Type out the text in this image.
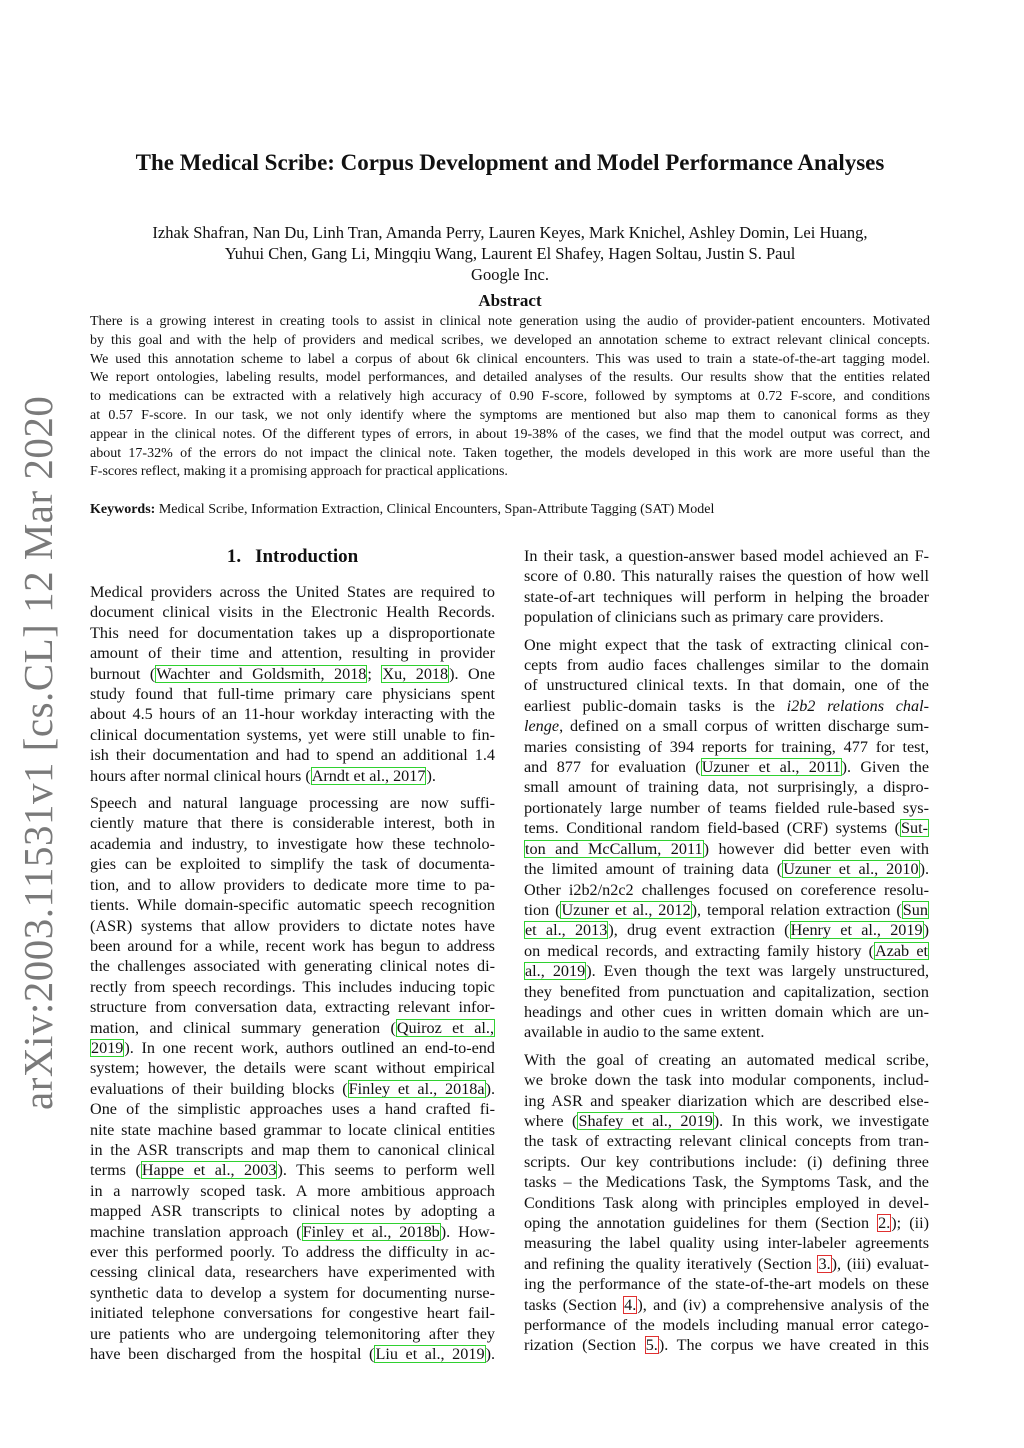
arXiv:2003.11531v1 [cs.CL] 12 Mar 2020
The Medical Scribe: Corpus Development and Model Performance Analyses
Izhak Shafran, Nan Du, Linh Tran, Amanda Perry, Lauren Keyes, Mark Knichel, Ashley Domin, Lei Huang,
Yuhui Chen, Gang Li, Mingqiu Wang, Laurent El Shafey, Hagen Soltau, Justin S. Paul
Google Inc.
Abstract
There is a growing interest in creating tools to assist in clinical note generation using the audio of provider-patient encounters. Motivated
by this goal and with the help of providers and medical scribes, we developed an annotation scheme to extract relevant clinical concepts.
We used this annotation scheme to label a corpus of about 6k clinical encounters. This was used to train a state-of-the-art tagging model.
We report ontologies, labeling results, model performances, and detailed analyses of the results. Our results show that the entities related
to medications can be extracted with a relatively high accuracy of 0.90 F-score, followed by symptoms at 0.72 F-score, and conditions
at 0.57 F-score. In our task, we not only identify where the symptoms are mentioned but also map them to canonical forms as they
appear in the clinical notes. Of the different types of errors, in about 19-38% of the cases, we find that the model output was correct, and
about 17-32% of the errors do not impact the clinical note. Taken together, the models developed in this work are more useful than the
F-scores reflect, making it a promising approach for practical applications.
Keywords: Medical Scribe, Information Extraction, Clinical Encounters, Span-Attribute Tagging (SAT) Model
1. Introduction
Medical providers across the United States are required to
document clinical visits in the Electronic Health Records.
This need for documentation takes up a disproportionate
amount of their time and attention, resulting in provider
burnout (Wachter and Goldsmith, 2018; Xu, 2018). One
study found that full-time primary care physicians spent
about 4.5 hours of an 11-hour workday interacting with the
clinical documentation systems, yet were still unable to fin-
ish their documentation and had to spend an additional 1.4
hours after normal clinical hours (Arndt et al., 2017).
Speech and natural language processing are now suffi-
ciently mature that there is considerable interest, both in
academia and industry, to investigate how these technolo-
gies can be exploited to simplify the task of documenta-
tion, and to allow providers to dedicate more time to pa-
tients. While domain-specific automatic speech recognition
(ASR) systems that allow providers to dictate notes have
been around for a while, recent work has begun to address
the challenges associated with generating clinical notes di-
rectly from speech recordings. This includes inducing topic
structure from conversation data, extracting relevant infor-
mation, and clinical summary generation (Quiroz et al.,
2019). In one recent work, authors outlined an end-to-end
system; however, the details were scant without empirical
evaluations of their building blocks (Finley et al., 2018a).
One of the simplistic approaches uses a hand crafted fi-
nite state machine based grammar to locate clinical entities
in the ASR transcripts and map them to canonical clinical
terms (Happe et al., 2003). This seems to perform well
in a narrowly scoped task. A more ambitious approach
mapped ASR transcripts to clinical notes by adopting a
machine translation approach (Finley et al., 2018b). How-
ever this performed poorly. To address the difficulty in ac-
cessing clinical data, researchers have experimented with
synthetic data to develop a system for documenting nurse-
initiated telephone conversations for congestive heart fail-
ure patients who are undergoing telemonitoring after they
have been discharged from the hospital (Liu et al., 2019).
In their task, a question-answer based model achieved an F-
score of 0.80. This naturally raises the question of how well
state-of-art techniques will perform in helping the broader
population of clinicians such as primary care providers.
One might expect that the task of extracting clinical con-
cepts from audio faces challenges similar to the domain
of unstructured clinical texts. In that domain, one of the
earliest public-domain tasks is the i2b2 relations chal-
lenge, defined on a small corpus of written discharge sum-
maries consisting of 394 reports for training, 477 for test,
and 877 for evaluation (Uzuner et al., 2011). Given the
small amount of training data, not surprisingly, a dispro-
portionately large number of teams fielded rule-based sys-
tems. Conditional random field-based (CRF) systems (Sut-
ton and McCallum, 2011) however did better even with
the limited amount of training data (Uzuner et al., 2010).
Other i2b2/n2c2 challenges focused on coreference resolu-
tion (Uzuner et al., 2012), temporal relation extraction (Sun
et al., 2013), drug event extraction (Henry et al., 2019)
on medical records, and extracting family history (Azab et
al., 2019). Even though the text was largely unstructured,
they benefited from punctuation and capitalization, section
headings and other cues in written domain which are un-
available in audio to the same extent.
With the goal of creating an automated medical scribe,
we broke down the task into modular components, includ-
ing ASR and speaker diarization which are described else-
where (Shafey et al., 2019). In this work, we investigate
the task of extracting relevant clinical concepts from tran-
scripts. Our key contributions include: (i) defining three
tasks – the Medications Task, the Symptoms Task, and the
Conditions Task along with principles employed in devel-
oping the annotation guidelines for them (Section 2.); (ii)
measuring the label quality using inter-labeler agreements
and refining the quality iteratively (Section 3.), (iii) evaluat-
ing the performance of the state-of-the-art models on these
tasks (Section 4.), and (iv) a comprehensive analysis of the
performance of the models including manual error catego-
rization (Section 5.). The corpus we have created in this
